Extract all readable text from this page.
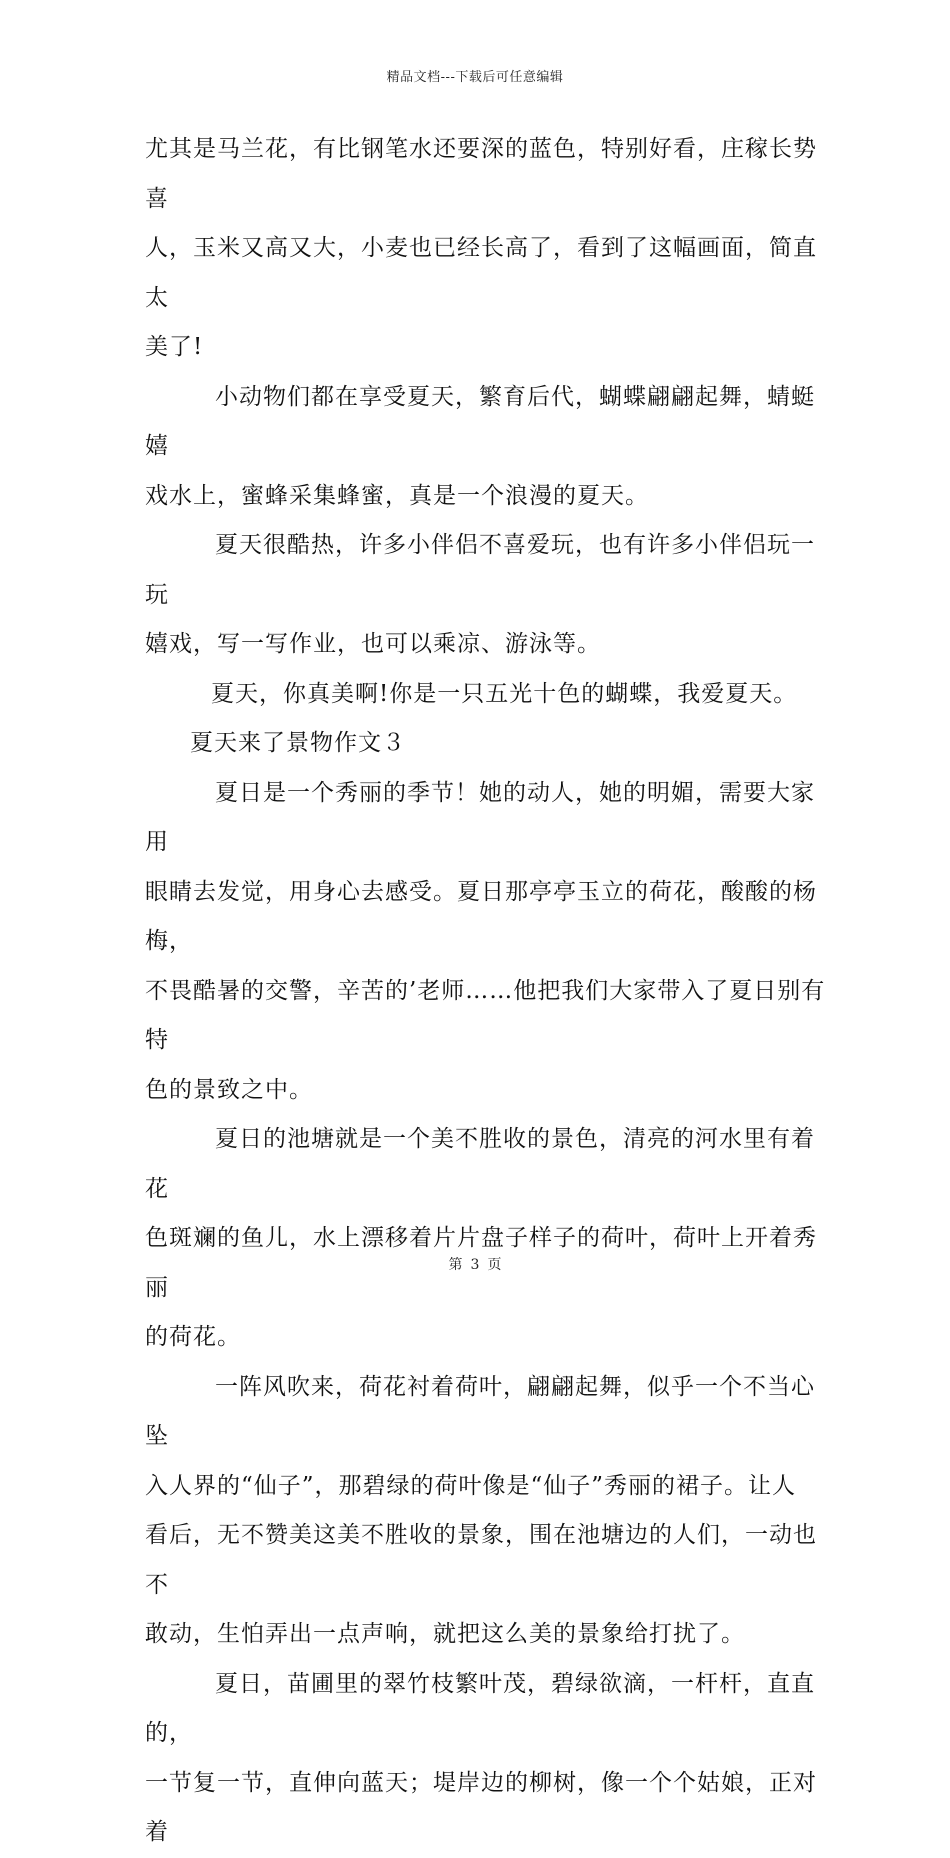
精品文档---下载后可任意编辑

尤其是马兰花，有比钢笔水还要深的蓝色，特别好看，庄稼长势喜
人，玉米又高又大，小麦也已经长高了，看到了这幅画面，简直太
美了!

小动物们都在享受夏天，繁育后代，蝴蝶翩翩起舞，蜻蜓嬉
戏水上，蜜蜂采集蜂蜜，真是一个浪漫的夏天。

夏天很酷热，许多小伴侣不喜爱玩，也有许多小伴侣玩一玩
嬉戏，写一写作业，也可以乘凉、游泳等。

夏天，你真美啊!你是一只五光十色的蝴蝶，我爱夏天。

夏天来了景物作文３

夏日是一个秀丽的季节！她的动人，她的明媚，需要大家用
眼睛去发觉，用身心去感受。夏日那亭亭玉立的荷花，酸酸的杨梅，
不畏酷暑的交警，辛苦的’老师……他把我们大家带入了夏日别有特
色的景致之中。

夏日的池塘就是一个美不胜收的景色，清亮的河水里有着花
色斑斓的鱼儿，水上漂移着片片盘子样子的荷叶，荷叶上开着秀丽
的荷花。

一阵风吹来，荷花衬着荷叶，翩翩起舞，似乎一个不当心坠
入人界的“仙子”，那碧绿的荷叶像是“仙子”秀丽的裙子。让人
看后，无不赞美这美不胜收的景象，围在池塘边的人们，一动也不
敢动，生怕弄出一点声响，就把这么美的景象给打扰了。

夏日，苗圃里的翠竹枝繁叶茂，碧绿欲滴，一杆杆，直直的，
一节复一节，直伸向蓝天；堤岸边的柳树，像一个个姑娘，正对着

第 3 页
